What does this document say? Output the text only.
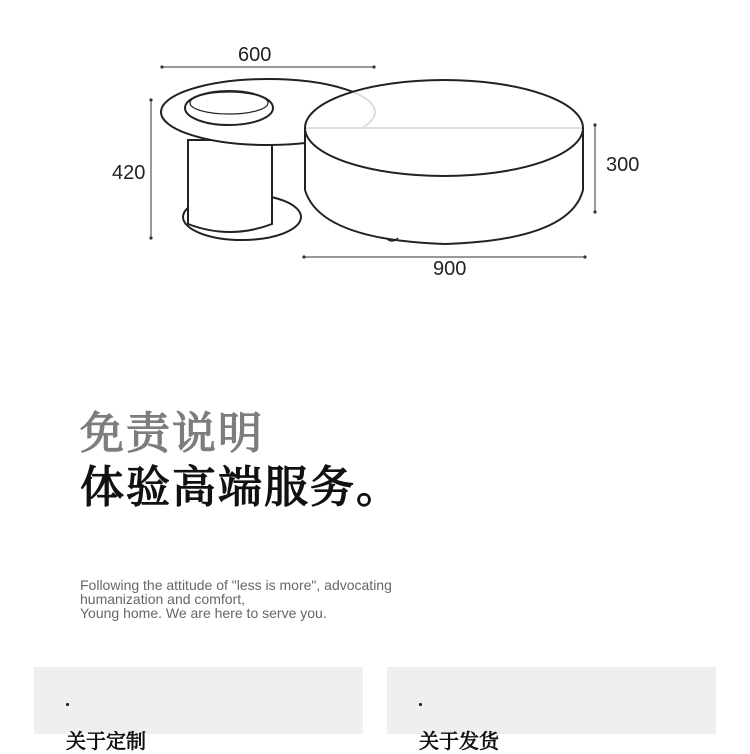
600
420	300
900
免责说明
体验高端服务。
Following the attitude of "less is more", advocating
humanization and comfort,
Young home. We are here to serve you.
关于定制	关于发货
